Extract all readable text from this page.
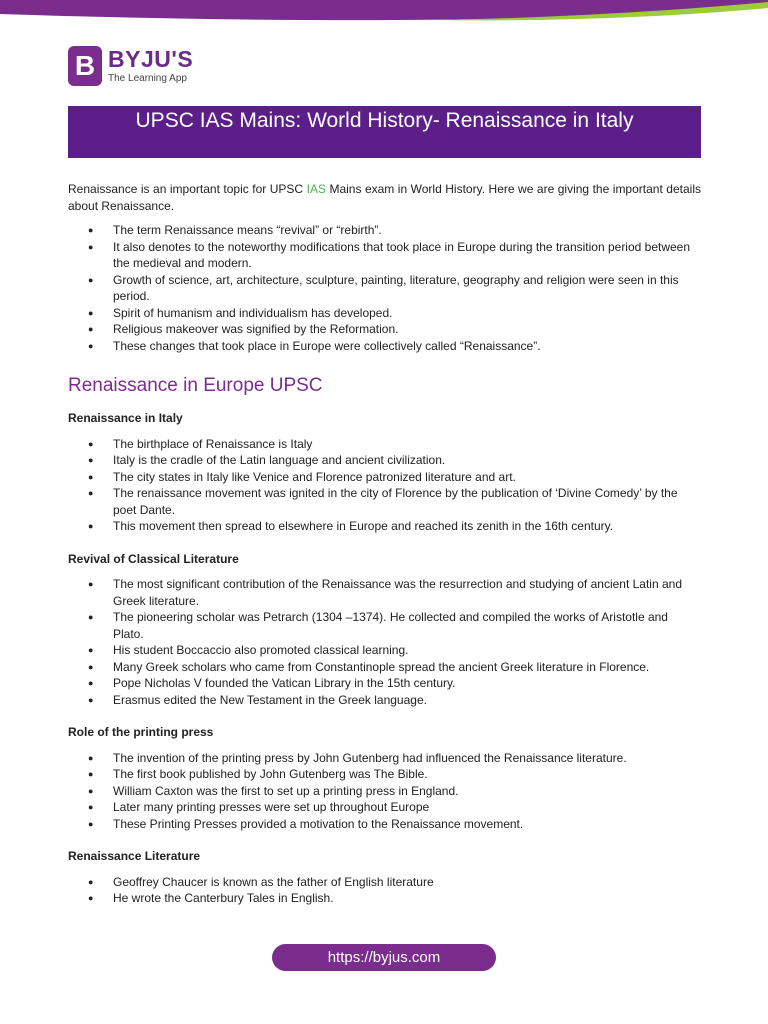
B BYJU'S
The Learning App
UPSC IAS Mains: World History- Renaissance in Italy

Renaissance is an important topic for UPSC IAS Mains exam in World History. Here we are giving the important details about Renaissance.

● The term Renaissance means “revival” or “rebirth”.
● It also denotes to the noteworthy modifications that took place in Europe during the transition period between the medieval and modern.
● Growth of science, art, architecture, sculpture, painting, literature, geography and religion were seen in this period.
● Spirit of humanism and individualism has developed.
● Religious makeover was signified by the Reformation.
● These changes that took place in Europe were collectively called “Renaissance”.
Renaissance in Europe UPSC
Renaissance in Italy
● The birthplace of Renaissance is Italy
● Italy is the cradle of the Latin language and ancient civilization.
● The city states in Italy like Venice and Florence patronized literature and art.
● The renaissance movement was ignited in the city of Florence by the publication of ‘Divine Comedy’ by the poet Dante.
● This movement then spread to elsewhere in Europe and reached its zenith in the 16th century.
Revival of Classical Literature
● The most significant contribution of the Renaissance was the resurrection and studying of ancient Latin and Greek literature.
● The pioneering scholar was Petrarch (1304 –1374). He collected and compiled the works of Aristotle and Plato.
● His student Boccaccio also promoted classical learning.
● Many Greek scholars who came from Constantinople spread the ancient Greek literature in Florence.
● Pope Nicholas V founded the Vatican Library in the 15th century.
● Erasmus edited the New Testament in the Greek language.
Role of the printing press
● The invention of the printing press by John Gutenberg had influenced the Renaissance literature.
● The first book published by John Gutenberg was The Bible.
● William Caxton was the first to set up a printing press in England.
● Later many printing presses were set up throughout Europe
● These Printing Presses provided a motivation to the Renaissance movement.
Renaissance Literature
● Geoffrey Chaucer is known as the father of English literature
● He wrote the Canterbury Tales in English.
https://byjus.com
